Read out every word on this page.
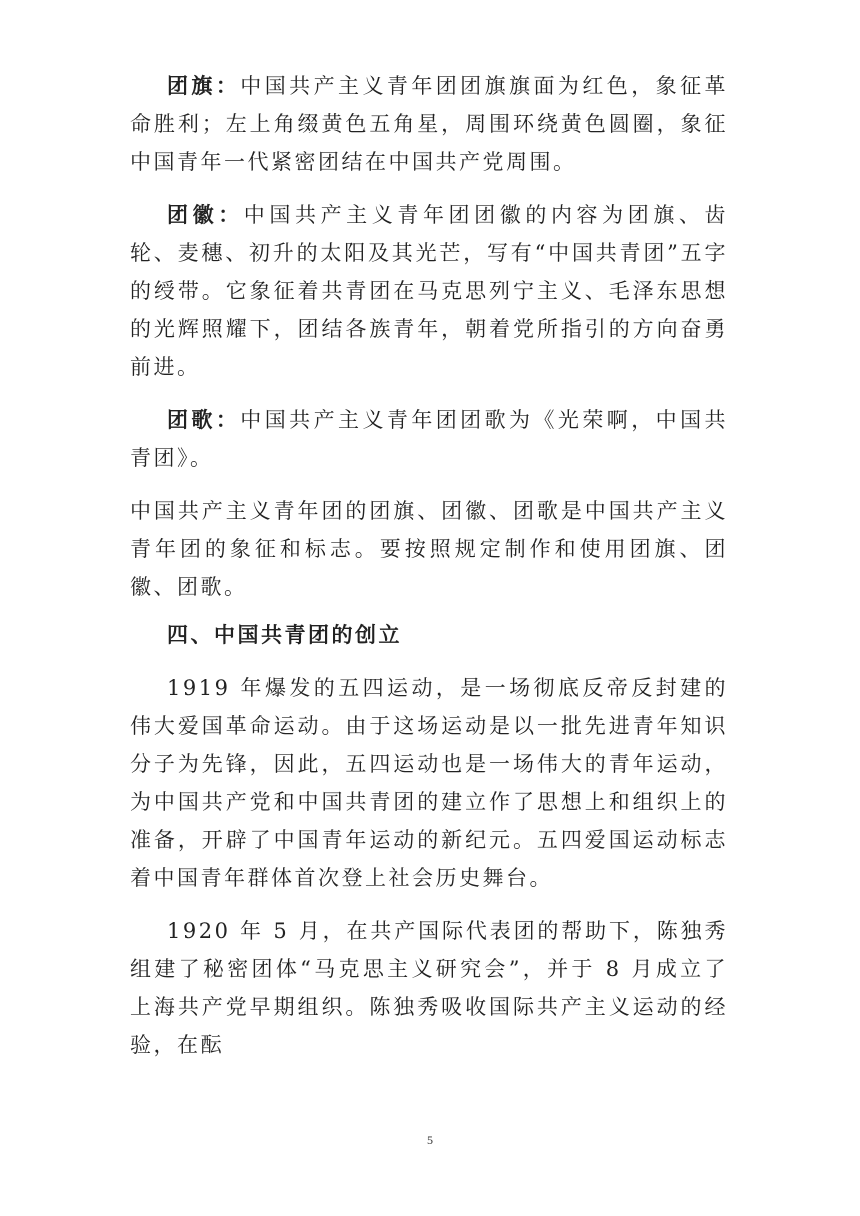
团旗：中国共产主义青年团团旗旗面为红色，象征革命胜利；左上角缀黄色五角星，周围环绕黄色圆圈，象征中国青年一代紧密团结在中国共产党周围。

团徽：中国共产主义青年团团徽的内容为团旗、齿轮、麦穗、初升的太阳及其光芒，写有“中国共青团”五字的绶带。它象征着共青团在马克思列宁主义、毛泽东思想的光辉照耀下，团结各族青年，朝着党所指引的方向奋勇前进。

团歌：中国共产主义青年团团歌为《光荣啊，中国共青团》。

中国共产主义青年团的团旗、团徽、团歌是中国共产主义青年团的象征和标志。要按照规定制作和使用团旗、团徽、团歌。

四、中国共青团的创立

1919 年爆发的五四运动，是一场彻底反帝反封建的伟大爱国革命运动。由于这场运动是以一批先进青年知识分子为先锋，因此，五四运动也是一场伟大的青年运动，为中国共产党和中国共青团的建立作了思想上和组织上的准备，开辟了中国青年运动的新纪元。五四爱国运动标志着中国青年群体首次登上社会历史舞台。

1920 年 5 月，在共产国际代表团的帮助下，陈独秀组建了秘密团体“马克思主义研究会”，并于 8 月成立了上海共产党早期组织。陈独秀吸收国际共产主义运动的经验，在酝

5
